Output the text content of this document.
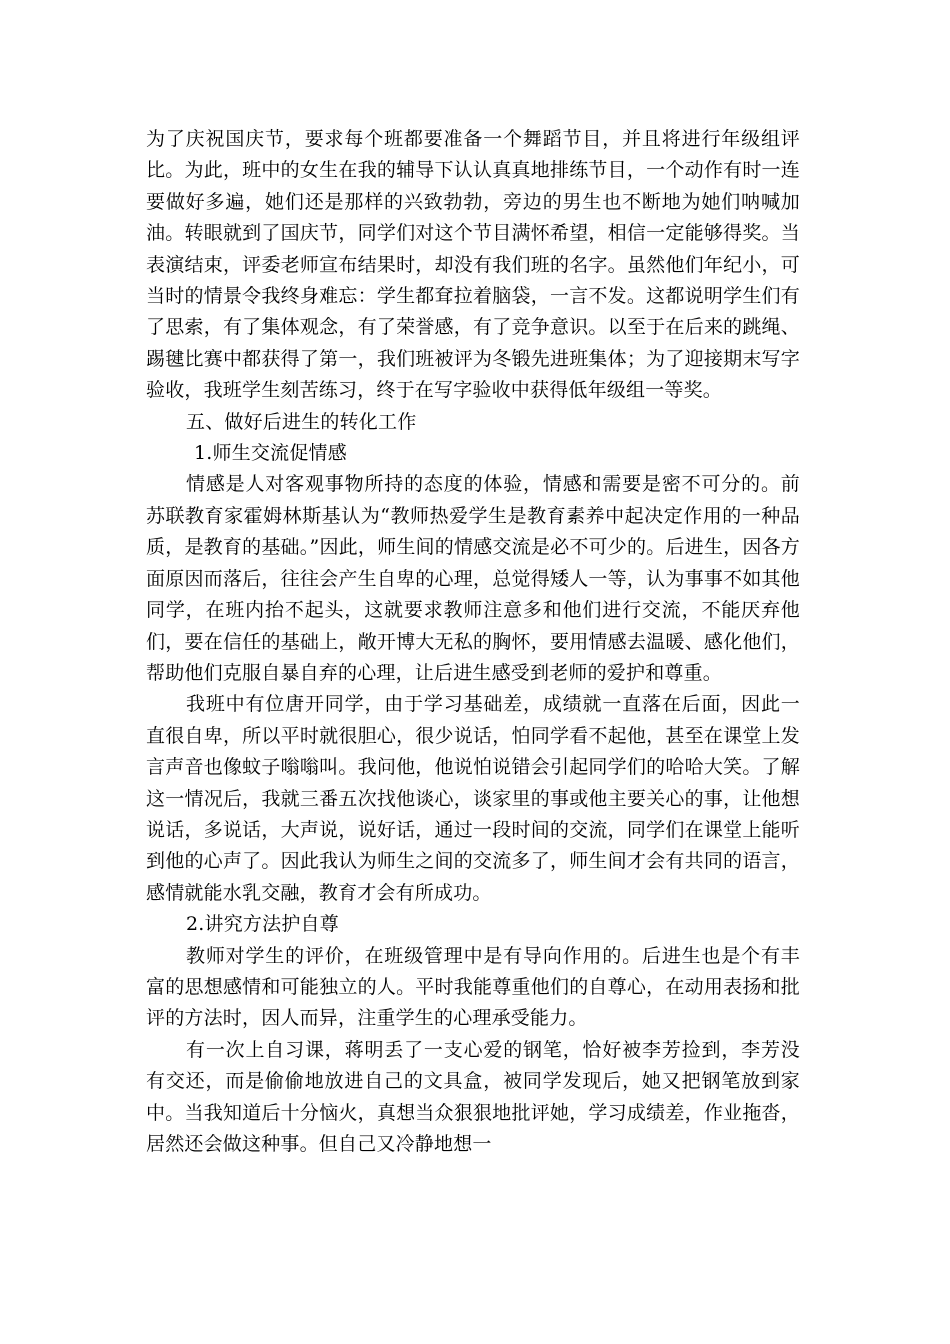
为了庆祝国庆节，要求每个班都要准备一个舞蹈节目，并且将进行年级组评比。为此，班中的女生在我的辅导下认认真真地排练节目，一个动作有时一连要做好多遍，她们还是那样的兴致勃勃，旁边的男生也不断地为她们呐喊加油。转眼就到了国庆节，同学们对这个节目满怀希望，相信一定能够得奖。当表演结束，评委老师宣布结果时，却没有我们班的名字。虽然他们年纪小，可当时的情景令我终身难忘：学生都耷拉着脑袋，一言不发。这都说明学生们有了思索，有了集体观念，有了荣誉感，有了竞争意识。以至于在后来的跳绳、踢毽比赛中都获得了第一，我们班被评为冬锻先进班集体；为了迎接期末写字验收，我班学生刻苦练习，终于在写字验收中获得低年级组一等奖。

五、做好后进生的转化工作

1.师生交流促情感

情感是人对客观事物所持的态度的体验，情感和需要是密不可分的。前苏联教育家霍姆林斯基认为“教师热爱学生是教育素养中起决定作用的一种品质，是教育的基础。”因此，师生间的情感交流是必不可少的。后进生，因各方面原因而落后，往往会产生自卑的心理，总觉得矮人一等，认为事事不如其他同学，在班内抬不起头，这就要求教师注意多和他们进行交流，不能厌弃他们，要在信任的基础上，敞开博大无私的胸怀，要用情感去温暖、感化他们，帮助他们克服自暴自弃的心理，让后进生感受到老师的爱护和尊重。

我班中有位唐开同学，由于学习基础差，成绩就一直落在后面，因此一直很自卑，所以平时就很胆心，很少说话，怕同学看不起他，甚至在课堂上发言声音也像蚊子嗡嗡叫。我问他，他说怕说错会引起同学们的哈哈大笑。了解这一情况后，我就三番五次找他谈心，谈家里的事或他主要关心的事，让他想说话，多说话，大声说，说好话，通过一段时间的交流，同学们在课堂上能听到他的心声了。因此我认为师生之间的交流多了，师生间才会有共同的语言，感情就能水乳交融，教育才会有所成功。

2.讲究方法护自尊

教师对学生的评价，在班级管理中是有导向作用的。后进生也是个有丰富的思想感情和可能独立的人。平时我能尊重他们的自尊心，在动用表扬和批评的方法时，因人而异，注重学生的心理承受能力。

有一次上自习课，蒋明丢了一支心爱的钢笔，恰好被李芳捡到，李芳没有交还，而是偷偷地放进自己的文具盒，被同学发现后，她又把钢笔放到家中。当我知道后十分恼火，真想当众狠狠地批评她，学习成绩差，作业拖沓，居然还会做这种事。但自己又冷静地想一
